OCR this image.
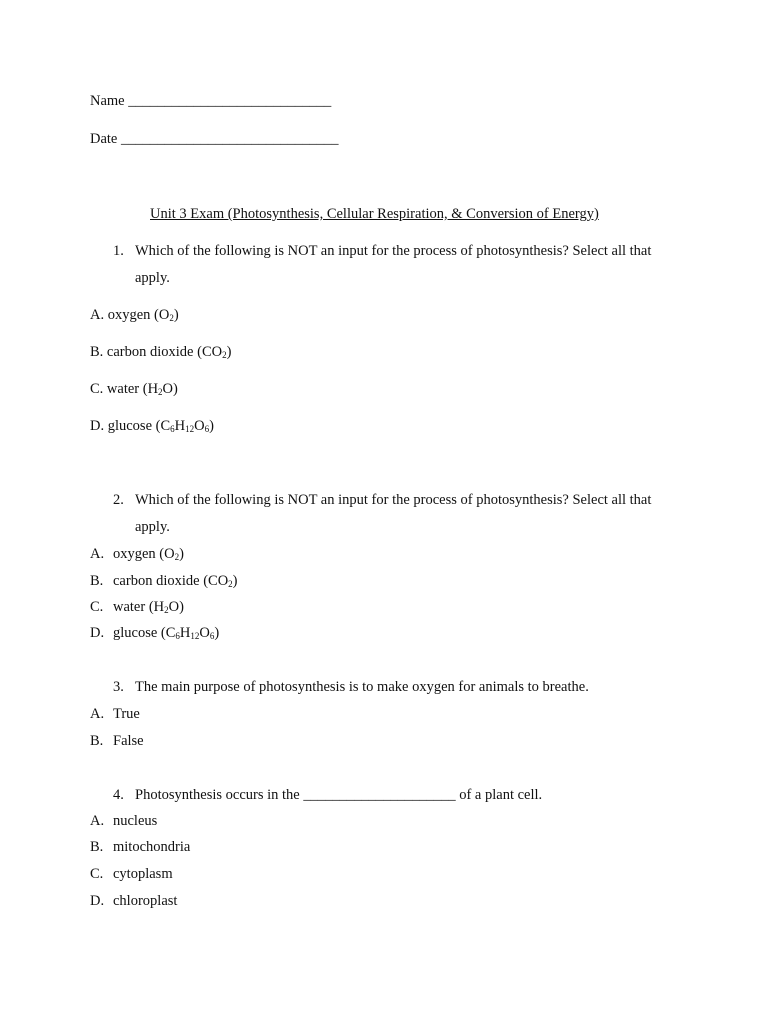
Name ____________________________
Date ______________________________
Unit 3 Exam (Photosynthesis, Cellular Respiration, & Conversion of Energy)
1. Which of the following is NOT an input for the process of photosynthesis? Select all that
apply.
A. oxygen $(O_2)$
B. carbon dioxide $(CO_2)$
C. water $(H_2O)$
D. glucose $(C_6H_{12}O_6)$
2. Which of the following is NOT an input for the process of photosynthesis? Select all that
apply.
A. oxygen $(O_2)$
B. carbon dioxide $(CO_2)$
C. water $(H_2O)$
D. glucose $(C_6H_{12}O_6)$
3. The main purpose of photosynthesis is to make oxygen for animals to breathe.
A. True
B. False
4. Photosynthesis occurs in the _____________________ of a plant cell.
A. nucleus
B. mitochondria
C. cytoplasm
D. chloroplast
